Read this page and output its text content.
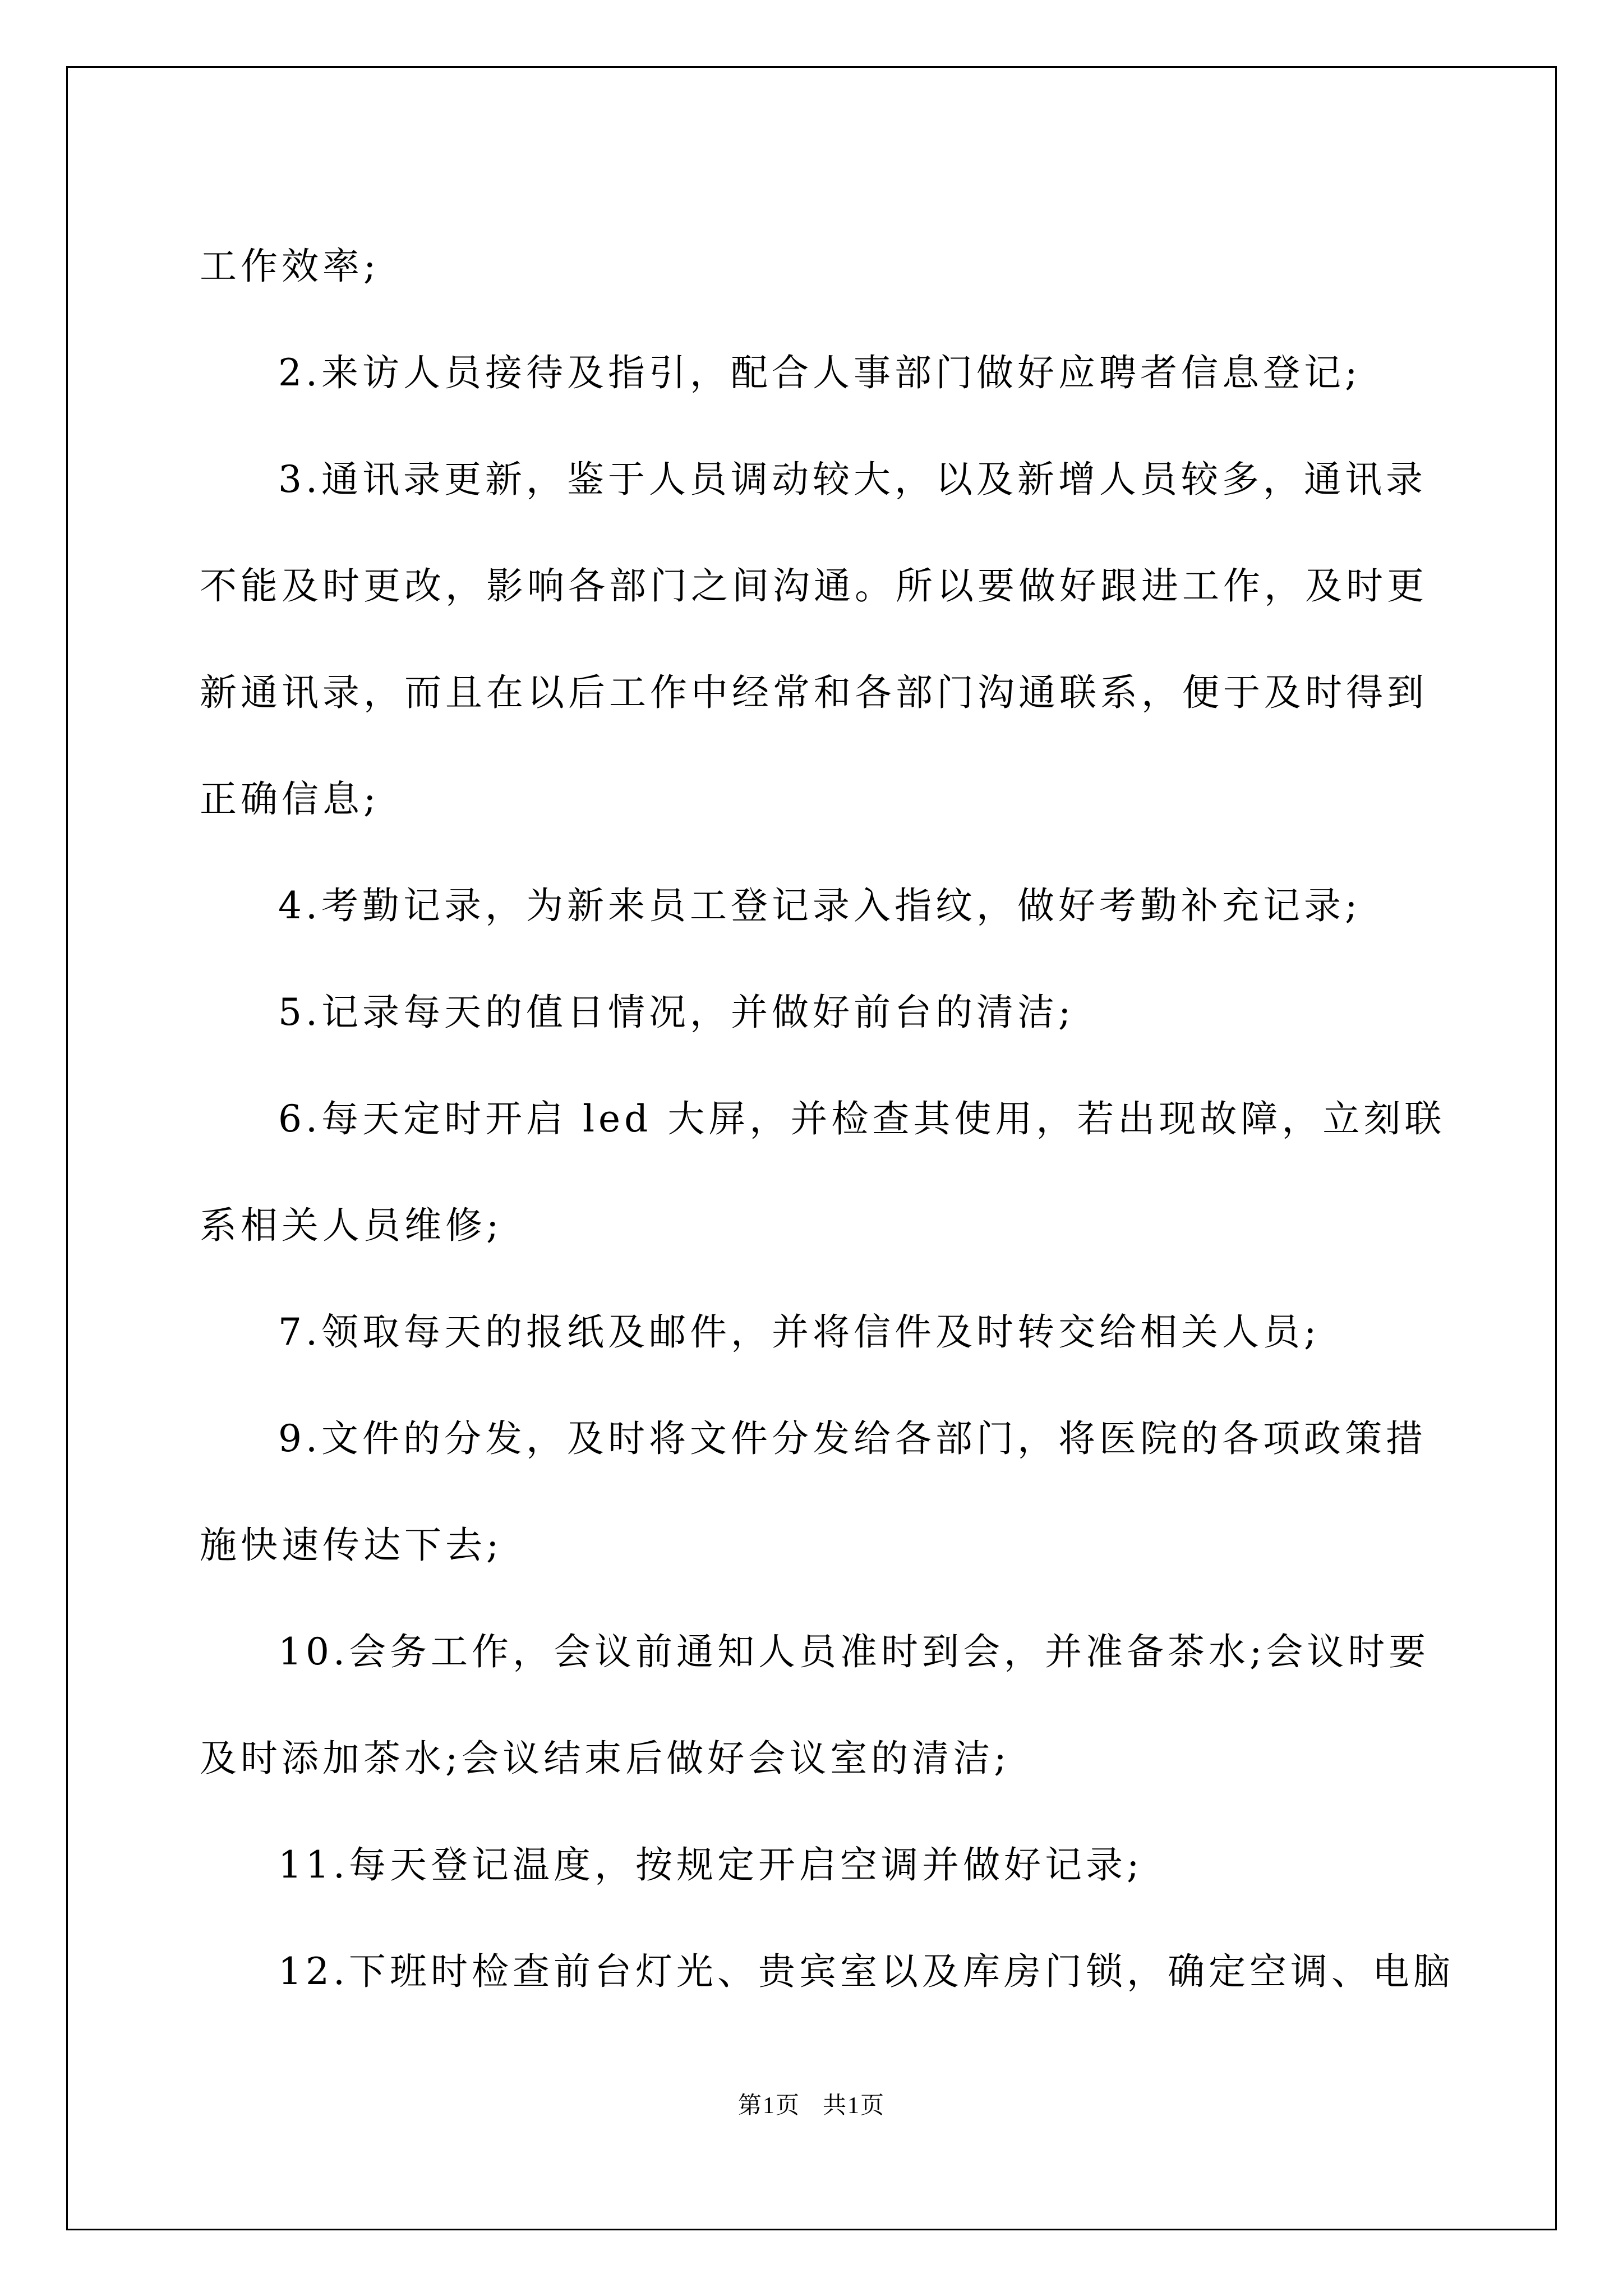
工作效率;
2.来访人员接待及指引，配合人事部门做好应聘者信息登记;
3.通讯录更新，鉴于人员调动较大，以及新增人员较多，通讯录
不能及时更改，影响各部门之间沟通。所以要做好跟进工作，及时更
新通讯录，而且在以后工作中经常和各部门沟通联系，便于及时得到
正确信息;
4.考勤记录，为新来员工登记录入指纹，做好考勤补充记录;
5.记录每天的值日情况，并做好前台的清洁;
6.每天定时开启 led 大屏，并检查其使用，若出现故障，立刻联
系相关人员维修;
7.领取每天的报纸及邮件，并将信件及时转交给相关人员;
9.文件的分发，及时将文件分发给各部门，将医院的各项政策措
施快速传达下去;
10.会务工作，会议前通知人员准时到会，并准备茶水;会议时要
及时添加茶水;会议结束后做好会议室的清洁;
11.每天登记温度，按规定开启空调并做好记录;
12.下班时检查前台灯光、贵宾室以及库房门锁，确定空调、电脑
第1页 共1页
